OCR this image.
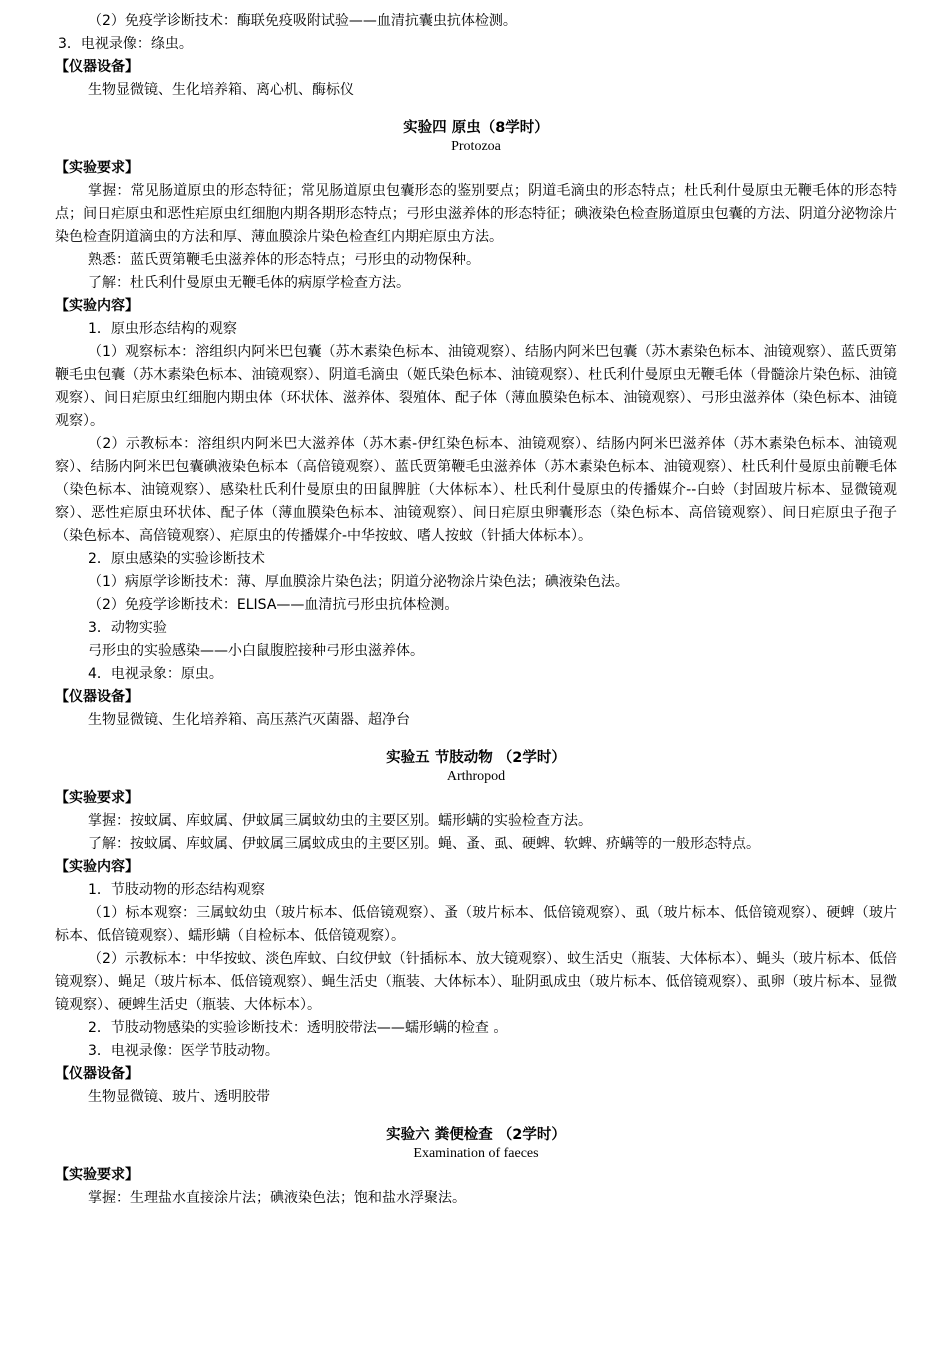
（2）免疫学诊断技术：酶联免疫吸附试验——血清抗囊虫抗体检测。

3．电视录像：绦虫。

【仪器设备】

生物显微镜、生化培养箱、离心机、酶标仪

实验四 原虫（8学时）

Protozoa

【实验要求】

掌握：常见肠道原虫的形态特征；常见肠道原虫包囊形态的鉴别要点；阴道毛滴虫的形态特点；杜氏利什曼原虫无鞭毛体的形态特点；间日疟原虫和恶性疟原虫红细胞内期各期形态特点；弓形虫滋养体的形态特征；碘液染色检查肠道原虫包囊的方法、阴道分泌物涂片染色检查阴道滴虫的方法和厚、薄血膜涂片染色检查红内期疟原虫方法。

熟悉：蓝氏贾第鞭毛虫滋养体的形态特点；弓形虫的动物保种。

了解：杜氏利什曼原虫无鞭毛体的病原学检查方法。

【实验内容】

1．原虫形态结构的观察

（1）观察标本：溶组织内阿米巴包囊（苏木素染色标本、油镜观察）、结肠内阿米巴包囊（苏木素染色标本、油镜观察）、蓝氏贾第鞭毛虫包囊（苏木素染色标本、油镜观察）、阴道毛滴虫（姬氏染色标本、油镜观察）、杜氏利什曼原虫无鞭毛体（骨髓涂片染色标、油镜观察）、间日疟原虫红细胞内期虫体（环状体、滋养体、裂殖体、配子体（薄血膜染色标本、油镜观察）、弓形虫滋养体（染色标本、油镜观察）。

（2）示教标本：溶组织内阿米巴大滋养体（苏木素-伊红染色标本、油镜观察）、结肠内阿米巴滋养体（苏木素染色标本、油镜观察）、结肠内阿米巴包囊碘液染色标本（高倍镜观察）、蓝氏贾第鞭毛虫滋养体（苏木素染色标本、油镜观察）、杜氏利什曼原虫前鞭毛体（染色标本、油镜观察）、感染杜氏利什曼原虫的田鼠脾脏（大体标本）、杜氏利什曼原虫的传播媒介--白蛉（封固玻片标本、显微镜观察）、恶性疟原虫环状体、配子体（薄血膜染色标本、油镜观察）、间日疟原虫卵囊形态（染色标本、高倍镜观察）、间日疟原虫子孢子（染色标本、高倍镜观察）、疟原虫的传播媒介-中华按蚊、嗜人按蚊（针插大体标本）。

2．原虫感染的实验诊断技术

（1）病原学诊断技术：薄、厚血膜涂片染色法；阴道分泌物涂片染色法；碘液染色法。

（2）免疫学诊断技术：ELISA——血清抗弓形虫抗体检测。

3．动物实验

弓形虫的实验感染——小白鼠腹腔接种弓形虫滋养体。

4．电视录象：原虫。

【仪器设备】

生物显微镜、生化培养箱、高压蒸汽灭菌器、超净台

实验五 节肢动物 （2学时）

Arthropod

【实验要求】

掌握：按蚊属、库蚊属、伊蚊属三属蚊幼虫的主要区别。蠕形螨的实验检查方法。

了解：按蚊属、库蚊属、伊蚊属三属蚊成虫的主要区别。蝇、蚤、虱、硬蜱、软蜱、疥螨等的一般形态特点。

【实验内容】

1．节肢动物的形态结构观察

（1）标本观察：三属蚊幼虫（玻片标本、低倍镜观察）、蚤（玻片标本、低倍镜观察）、虱（玻片标本、低倍镜观察）、硬蜱（玻片标本、低倍镜观察）、蠕形螨（自检标本、低倍镜观察）。

（2）示教标本：中华按蚊、淡色库蚊、白纹伊蚊（针插标本、放大镜观察）、蚊生活史（瓶装、大体标本）、蝇头（玻片标本、低倍镜观察）、蝇足（玻片标本、低倍镜观察）、蝇生活史（瓶装、大体标本）、耻阴虱成虫（玻片标本、低倍镜观察）、虱卵（玻片标本、显微镜观察）、硬蜱生活史（瓶装、大体标本）。

2．节肢动物感染的实验诊断技术：透明胶带法——蠕形螨的检查 。

3．电视录像：医学节肢动物。

【仪器设备】

生物显微镜、玻片、透明胶带

实验六 粪便检查 （2学时）

Examination of faeces

【实验要求】

掌握：生理盐水直接涂片法；碘液染色法；饱和盐水浮聚法。
